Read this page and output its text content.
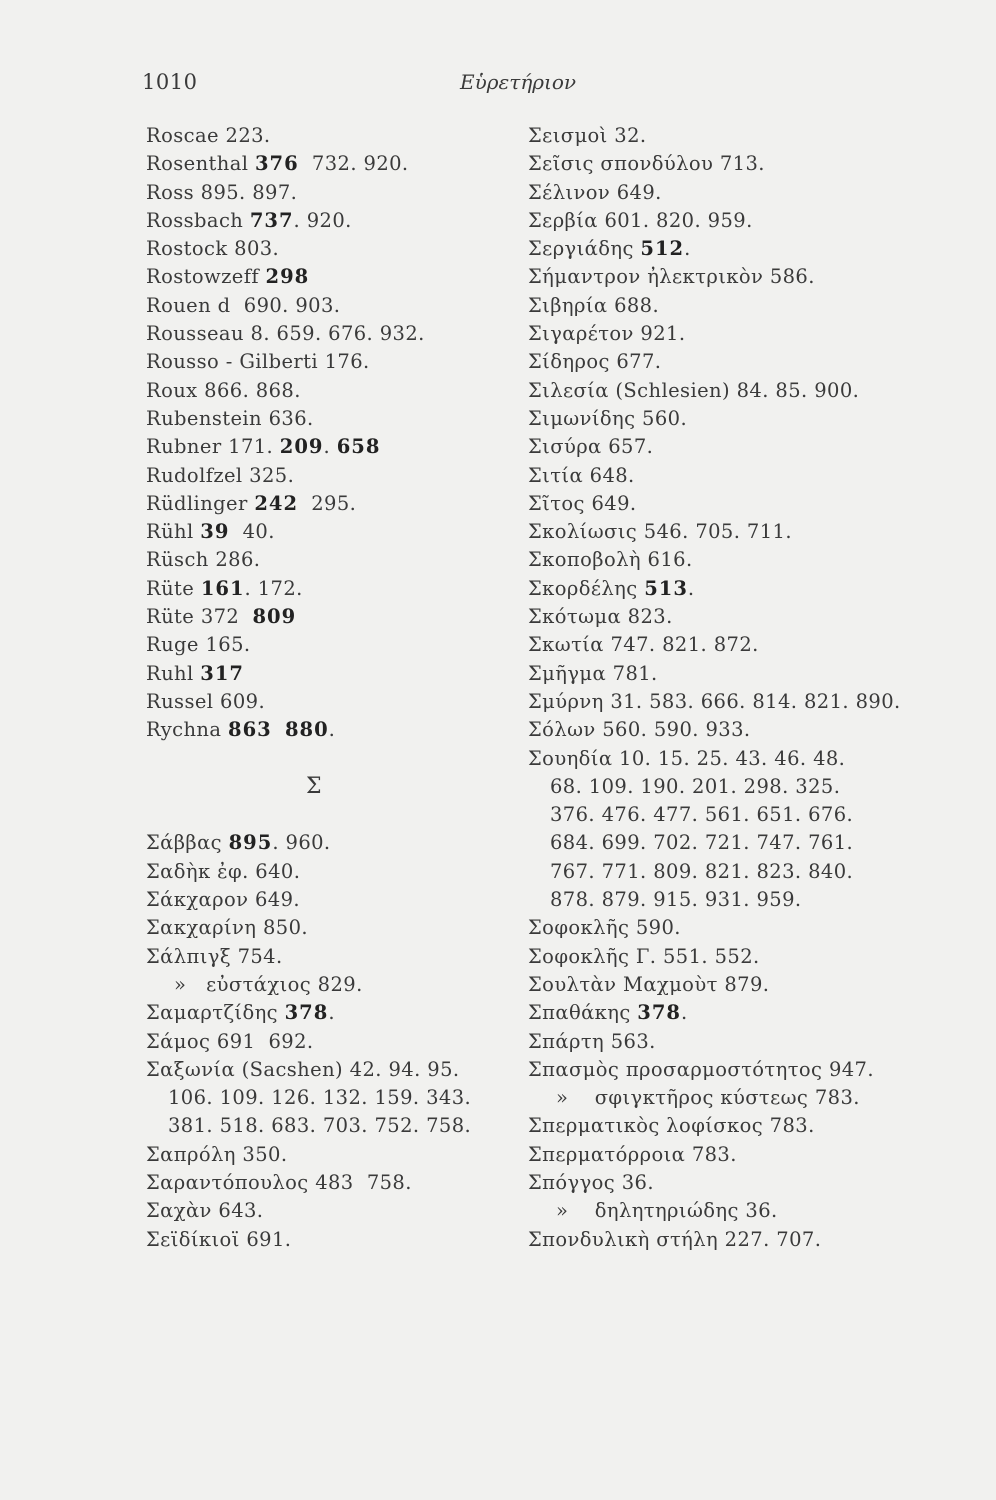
1010	Εὑρετήριον
Roscae 223.
Rosenthal 376  732. 920.
Ross 895. 897.
Rossbach 737. 920.
Rostock 803.
Rostowzeff 298
Rouen d  690. 903.
Rousseau 8. 659. 676. 932.
Rousso - Gilberti 176.
Roux 866. 868.
Rubenstein 636.
Rubner 171. 209. 658
Rudolfzel 325.
Rüdlinger 242  295.
Rühl 39  40.
Rüsch 286.
Rüte 161. 172.
Rüte 372  809
Ruge 165.
Ruhl 317
Russel 609.
Rychna 863 880.
Σ
Σάββας 895. 960.
Σαδὴκ ἐφ. 640.
Σάκχαρον 649.
Σακχαρίνη 850.
Σάλπιγξ 754.
»   εὐστάχιος 829.
Σαμαρτζίδης 378.
Σάμος 691  692.
Σαξωνία (Sacshen) 42. 94. 95.
106. 109. 126. 132. 159. 343.
381. 518. 683. 703. 752. 758.
Σαπρόλη 350.
Σαραντόπουλος 483  758.
Σαχὰν 643.
Σεϊδίκιοϊ 691.
Σεισμοὶ 32.
Σεῖσις σπονδύλου 713.
Σέλινον 649.
Σερβία 601. 820. 959.
Σεργιάδης 512.
Σήμαντρον ἠλεκτρικὸν 586.
Σιβηρία 688.
Σιγαρέτον 921.
Σίδηρος 677.
Σιλεσία (Schlesien) 84. 85. 900.
Σιμωνίδης 560.
Σισύρα 657.
Σιτία 648.
Σῖτος 649.
Σκολίωσις 546. 705. 711.
Σκοποβολὴ 616.
Σκορδέλης 513.
Σκότωμα 823.
Σκωτία 747. 821. 872.
Σμῆγμα 781.
Σμύρνη 31. 583. 666. 814. 821. 890.
Σόλων 560. 590. 933.
Σουηδία 10. 15. 25. 43. 46. 48.
68. 109. 190. 201. 298. 325.
376. 476. 477. 561. 651. 676.
684. 699. 702. 721. 747. 761.
767. 771. 809. 821. 823. 840.
878. 879. 915. 931. 959.
Σοφοκλῆς 590.
Σοφοκλῆς Γ. 551. 552.
Σουλτὰν Μαχμοὺτ 879.
Σπαθάκης 378.
Σπάρτη 563.
Σπασμὸς προσαρμοστότητος 947.
»    σφιγκτῆρος κύστεως 783.
Σπερματικὸς λοφίσκος 783.
Σπερματόρροια 783.
Σπόγγος 36.
»    δηλητηριώδης 36.
Σπονδυλικὴ στήλη 227. 707.
